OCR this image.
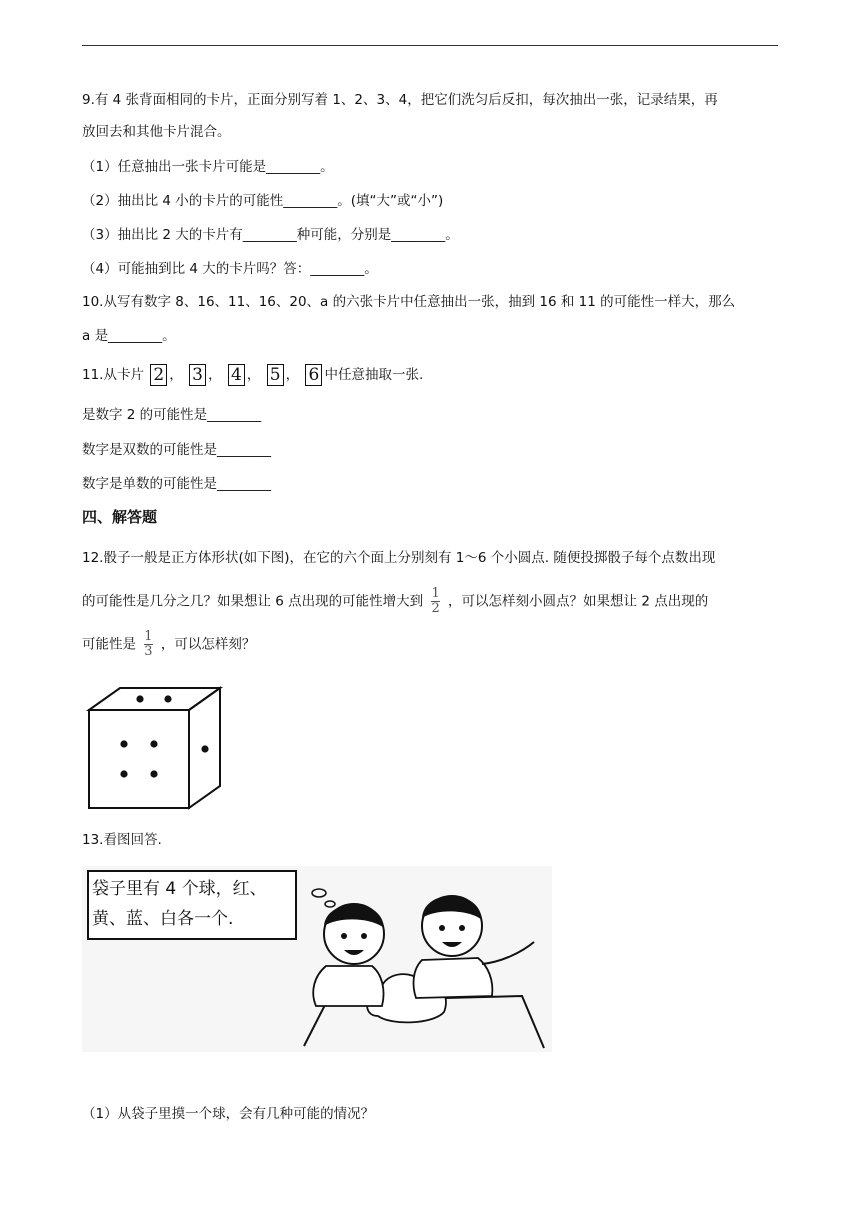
9.有 4 张背面相同的卡片，正面分别写着 1、2、3、4，把它们洗匀后反扣，每次抽出一张，记录结果，再
放回去和其他卡片混合。
（1）任意抽出一张卡片可能是________。
（2）抽出比 4 小的卡片的可能性________。(填“大”或“小”)
（3）抽出比 2 大的卡片有________种可能，分别是________。
（4）可能抽到比 4 大的卡片吗？答：________。
10.从写有数字 8、16、11、16、20、a 的六张卡片中任意抽出一张，抽到 16 和 11 的可能性一样大，那么
a 是________。
11.从卡片 2 ， 3 ， 4 ， 5 ， 6 中任意抽取一张.
是数字 2 的可能性是________
数字是双数的可能性是________
数字是单数的可能性是________
四、解答题
12.骰子一般是正方体形状(如下图)，在它的六个面上分别刻有 1～6 个小圆点. 随便投掷骰子每个点数出现
的可能性是几分之几？如果想让 6 点出现的可能性增大到 $\frac{1}{2}$ ，可以怎样刻小圆点？如果想让 2 点出现的
可能性是 $\frac{1}{3}$ ，可以怎样刻？
13.看图回答.
袋子里有 4 个球，红、
黄、蓝、白各一个.
（1）从袋子里摸一个球，会有几种可能的情况？
